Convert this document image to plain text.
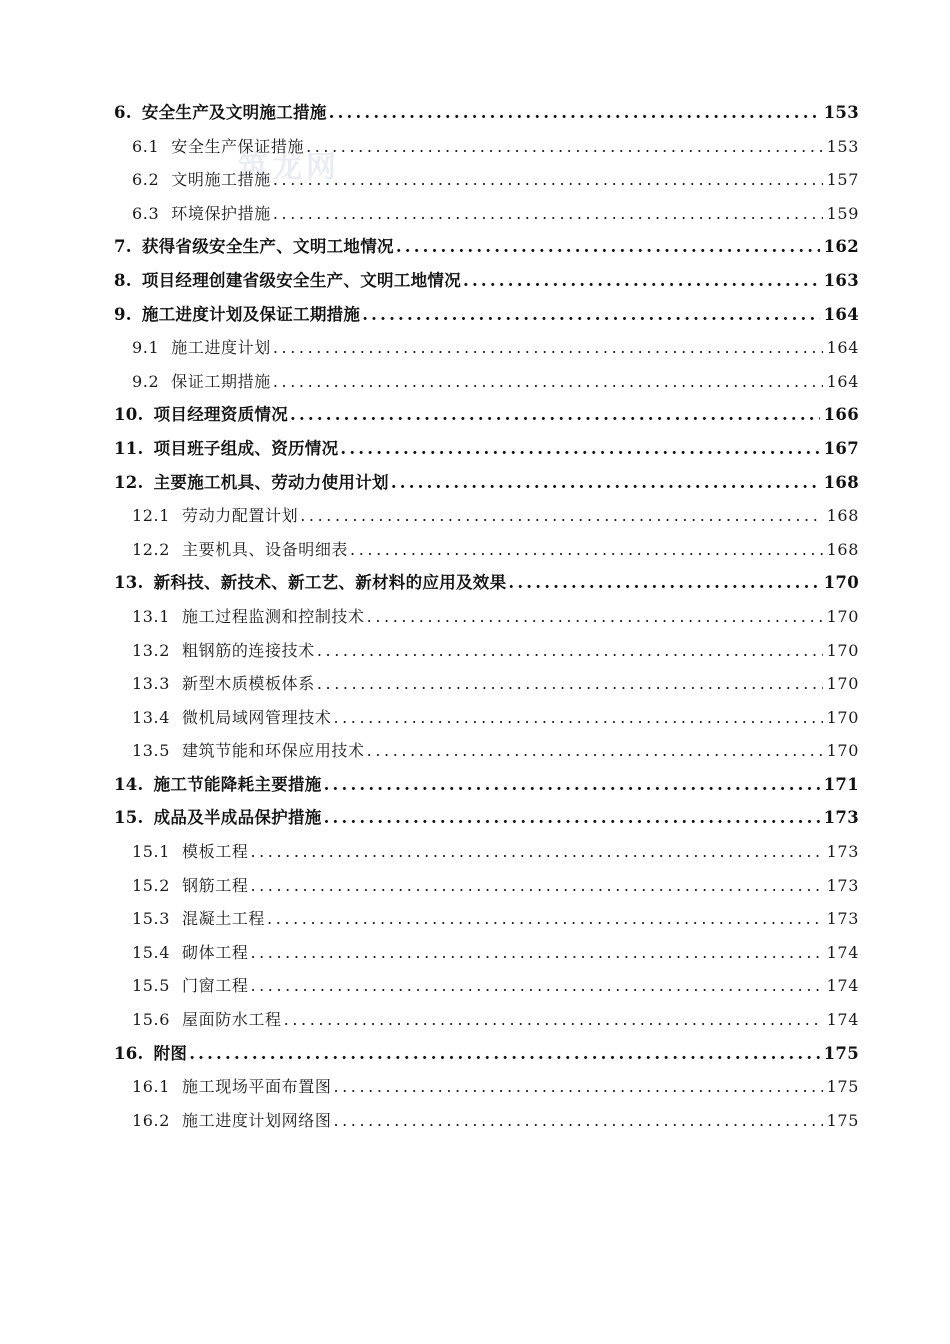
筑龙网
6. 安全生产及文明施工措施 .....	153
6.1 安全生产保证措施 .....	153
6.2 文明施工措施 .....	157
6.3 环境保护措施 .....	159
7. 获得省级安全生产、文明工地情况 .....	162
8. 项目经理创建省级安全生产、文明工地情况 .....	163
9. 施工进度计划及保证工期措施 .....	164
9.1 施工进度计划 .....	164
9.2 保证工期措施 .....	164
10. 项目经理资质情况 .....	166
11. 项目班子组成、资历情况 .....	167
12. 主要施工机具、劳动力使用计划 .....	168
12.1 劳动力配置计划 .....	168
12.2 主要机具、设备明细表 .....	168
13. 新科技、新技术、新工艺、新材料的应用及效果 .....	170
13.1 施工过程监测和控制技术 .....	170
13.2 粗钢筋的连接技术 .....	170
13.3 新型木质模板体系 .....	170
13.4 微机局域网管理技术 .....	170
13.5 建筑节能和环保应用技术 .....	170
14. 施工节能降耗主要措施 .....	171
15. 成品及半成品保护措施 .....	173
15.1 模板工程 .....	173
15.2 钢筋工程 .....	173
15.3 混凝土工程 .....	173
15.4 砌体工程 .....	174
15.5 门窗工程 .....	174
15.6 屋面防水工程 .....	174
16. 附图 .....	175
16.1 施工现场平面布置图 .....	175
16.2 施工进度计划网络图 .....	175
